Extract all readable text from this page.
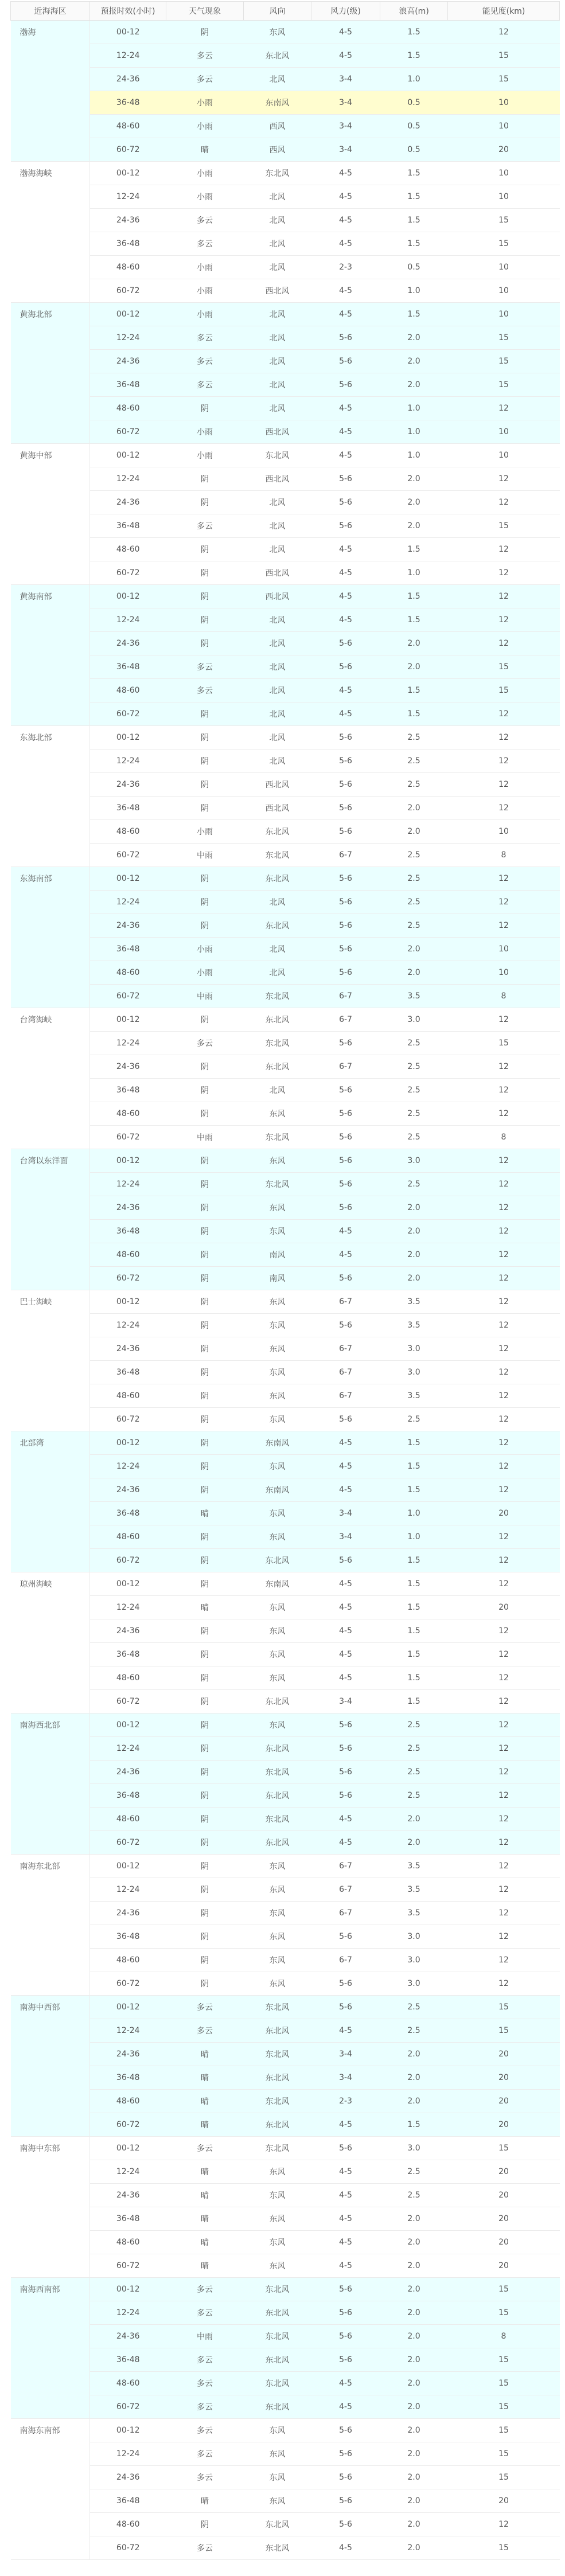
近海海区	预报时效(小时)	天气现象	风向	风力(级)	浪高(m)	能见度(km)
渤海	00-12	阴	东风	4-5	1.5	12
	12-24	多云	东北风	4-5	1.5	15
	24-36	多云	北风	3-4	1.0	15
	36-48	小雨	东南风	3-4	0.5	10
	48-60	小雨	西风	3-4	0.5	10
	60-72	晴	西风	3-4	0.5	20
渤海海峡	00-12	小雨	东北风	4-5	1.5	10
	12-24	小雨	北风	4-5	1.5	10
	24-36	多云	北风	4-5	1.5	15
	36-48	多云	北风	4-5	1.5	15
	48-60	小雨	北风	2-3	0.5	10
	60-72	小雨	西北风	4-5	1.0	10
黄海北部	00-12	小雨	北风	4-5	1.5	10
	12-24	多云	北风	5-6	2.0	15
	24-36	多云	北风	5-6	2.0	15
	36-48	多云	北风	5-6	2.0	15
	48-60	阴	北风	4-5	1.0	12
	60-72	小雨	西北风	4-5	1.0	10
黄海中部	00-12	小雨	东北风	4-5	1.0	10
	12-24	阴	西北风	5-6	2.0	12
	24-36	阴	北风	5-6	2.0	12
	36-48	多云	北风	5-6	2.0	15
	48-60	阴	北风	4-5	1.5	12
	60-72	阴	西北风	4-5	1.0	12
黄海南部	00-12	阴	西北风	4-5	1.5	12
	12-24	阴	北风	4-5	1.5	12
	24-36	阴	北风	5-6	2.0	12
	36-48	多云	北风	5-6	2.0	15
	48-60	多云	北风	4-5	1.5	15
	60-72	阴	北风	4-5	1.5	12
东海北部	00-12	阴	北风	5-6	2.5	12
	12-24	阴	北风	5-6	2.5	12
	24-36	阴	西北风	5-6	2.5	12
	36-48	阴	西北风	5-6	2.0	12
	48-60	小雨	东北风	5-6	2.0	10
	60-72	中雨	东北风	6-7	2.5	8
东海南部	00-12	阴	东北风	5-6	2.5	12
	12-24	阴	北风	5-6	2.5	12
	24-36	阴	东北风	5-6	2.5	12
	36-48	小雨	北风	5-6	2.0	10
	48-60	小雨	北风	5-6	2.0	10
	60-72	中雨	东北风	6-7	3.5	8
台湾海峡	00-12	阴	东北风	6-7	3.0	12
	12-24	多云	东北风	5-6	2.5	15
	24-36	阴	东北风	6-7	2.5	12
	36-48	阴	北风	5-6	2.5	12
	48-60	阴	东风	5-6	2.5	12
	60-72	中雨	东北风	5-6	2.5	8
台湾以东洋面	00-12	阴	东风	5-6	3.0	12
	12-24	阴	东北风	5-6	2.5	12
	24-36	阴	东风	5-6	2.0	12
	36-48	阴	东风	4-5	2.0	12
	48-60	阴	南风	4-5	2.0	12
	60-72	阴	南风	5-6	2.0	12
巴士海峡	00-12	阴	东风	6-7	3.5	12
	12-24	阴	东风	5-6	3.5	12
	24-36	阴	东风	6-7	3.0	12
	36-48	阴	东风	6-7	3.0	12
	48-60	阴	东风	6-7	3.5	12
	60-72	阴	东风	5-6	2.5	12
北部湾	00-12	阴	东南风	4-5	1.5	12
	12-24	阴	东风	4-5	1.5	12
	24-36	阴	东南风	4-5	1.5	12
	36-48	晴	东风	3-4	1.0	20
	48-60	阴	东风	3-4	1.0	12
	60-72	阴	东北风	5-6	1.5	12
琼州海峡	00-12	阴	东南风	4-5	1.5	12
	12-24	晴	东风	4-5	1.5	20
	24-36	阴	东风	4-5	1.5	12
	36-48	阴	东风	4-5	1.5	12
	48-60	阴	东风	4-5	1.5	12
	60-72	阴	东北风	3-4	1.5	12
南海西北部	00-12	阴	东风	5-6	2.5	12
	12-24	阴	东北风	5-6	2.5	12
	24-36	阴	东北风	5-6	2.5	12
	36-48	阴	东北风	5-6	2.5	12
	48-60	阴	东北风	4-5	2.0	12
	60-72	阴	东北风	4-5	2.0	12
南海东北部	00-12	阴	东风	6-7	3.5	12
	12-24	阴	东风	6-7	3.5	12
	24-36	阴	东风	6-7	3.5	12
	36-48	阴	东风	5-6	3.0	12
	48-60	阴	东风	6-7	3.0	12
	60-72	阴	东风	5-6	3.0	12
南海中西部	00-12	多云	东北风	5-6	2.5	15
	12-24	多云	东北风	4-5	2.5	15
	24-36	晴	东北风	3-4	2.0	20
	36-48	晴	东北风	3-4	2.0	20
	48-60	晴	东北风	2-3	2.0	20
	60-72	晴	东北风	4-5	1.5	20
南海中东部	00-12	多云	东北风	5-6	3.0	15
	12-24	晴	东风	4-5	2.5	20
	24-36	晴	东风	4-5	2.5	20
	36-48	晴	东风	4-5	2.0	20
	48-60	晴	东风	4-5	2.0	20
	60-72	晴	东风	4-5	2.0	20
南海西南部	00-12	多云	东北风	5-6	2.0	15
	12-24	多云	东北风	5-6	2.0	15
	24-36	中雨	东北风	5-6	2.0	8
	36-48	多云	东北风	5-6	2.0	15
	48-60	多云	东北风	4-5	2.0	15
	60-72	多云	东北风	4-5	2.0	15
南海东南部	00-12	多云	东风	5-6	2.0	15
	12-24	多云	东风	5-6	2.0	15
	24-36	多云	东风	5-6	2.0	15
	36-48	晴	东风	5-6	2.0	20
	48-60	阴	东北风	5-6	2.0	12
	60-72	多云	东北风	4-5	2.0	15
